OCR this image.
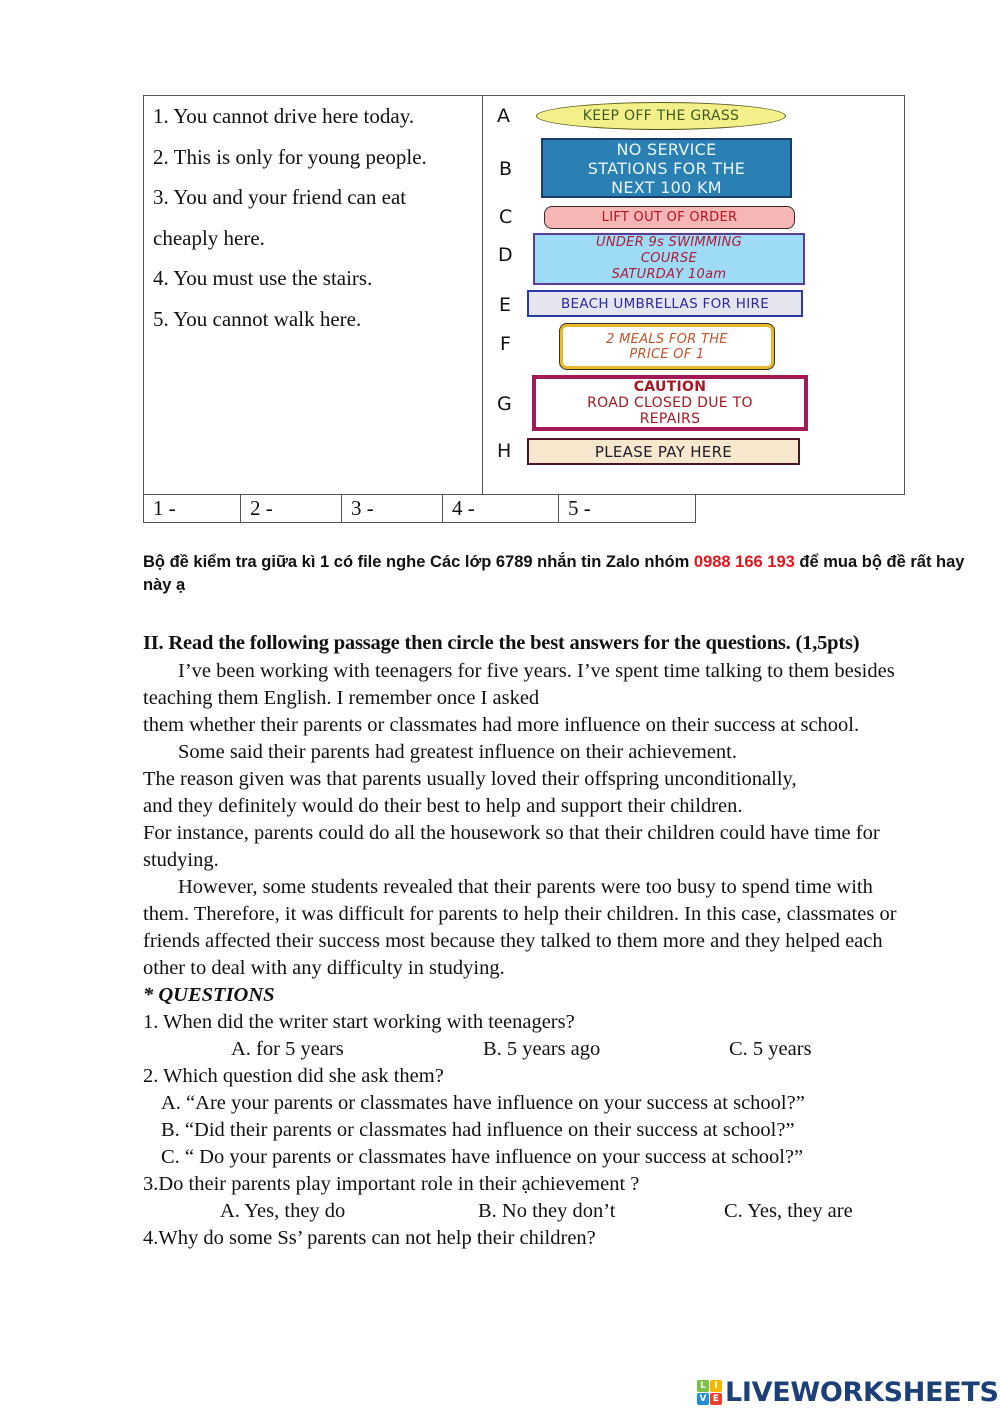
1. You cannot drive here today.
2. This is only for young people.
3. You and your friend can eat
cheaply here.
4. You must use the stairs.
5. You cannot walk here.
A	KEEP OFF THE GRASS
B
NO SERVICE
STATIONS FOR THE
NEXT 100 KM
C	LIFT OUT OF ORDER
D
UNDER 9s SWIMMING
COURSE
SATURDAY 10am
E	BEACH UMBRELLAS FOR HIRE
F	2 MEALS FOR THE
PRICE OF 1
G
CAUTION
ROAD CLOSED DUE TO
REPAIRS
H	PLEASE PAY HERE
1 -	2 -	3 -	4 -	5 -
Bộ đề kiểm tra giữa kì 1 có file nghe Các lớp 6789 nhắn tin Zalo nhóm 0988 166 193 để mua bộ đề rất hay này ạ
II. Read the following passage then circle the best answers for the questions. (1,5pts)
I’ve been working with teenagers for five years. I’ve spent time talking to them besides teaching them English. I remember once I asked
them whether their parents or classmates had more influence on their success at school.
Some said their parents had greatest influence on their achievement.
The reason given was that parents usually loved their offspring unconditionally,
and they definitely would do their best to help and support their children.
For instance, parents could do all the housework so that their children could have time for studying.
However, some students revealed that their parents were too busy to spend time with them. Therefore, it was difficult for parents to help their children. In this case, classmates or friends affected their success most because they talked to them more and they helped each other to deal with any difficulty in studying.
* QUESTIONS
1. When did the writer start working with teenagers?
A. for 5 years	B. 5 years ago	C. 5 years
2. Which question did she ask them?
A. “Are your parents or classmates have influence on your success at school?”
B. “Did their parents or classmates had influence on their success at school?”
C. “ Do your parents or classmates have influence on your success at school?”
3.Do their parents play important role in their ạchievement ?
A. Yes, they do	B. No they don’t	C. Yes, they are
4.Why do some Ss’ parents can not help their children?
L I
V E LIVEWORKSHEETS
